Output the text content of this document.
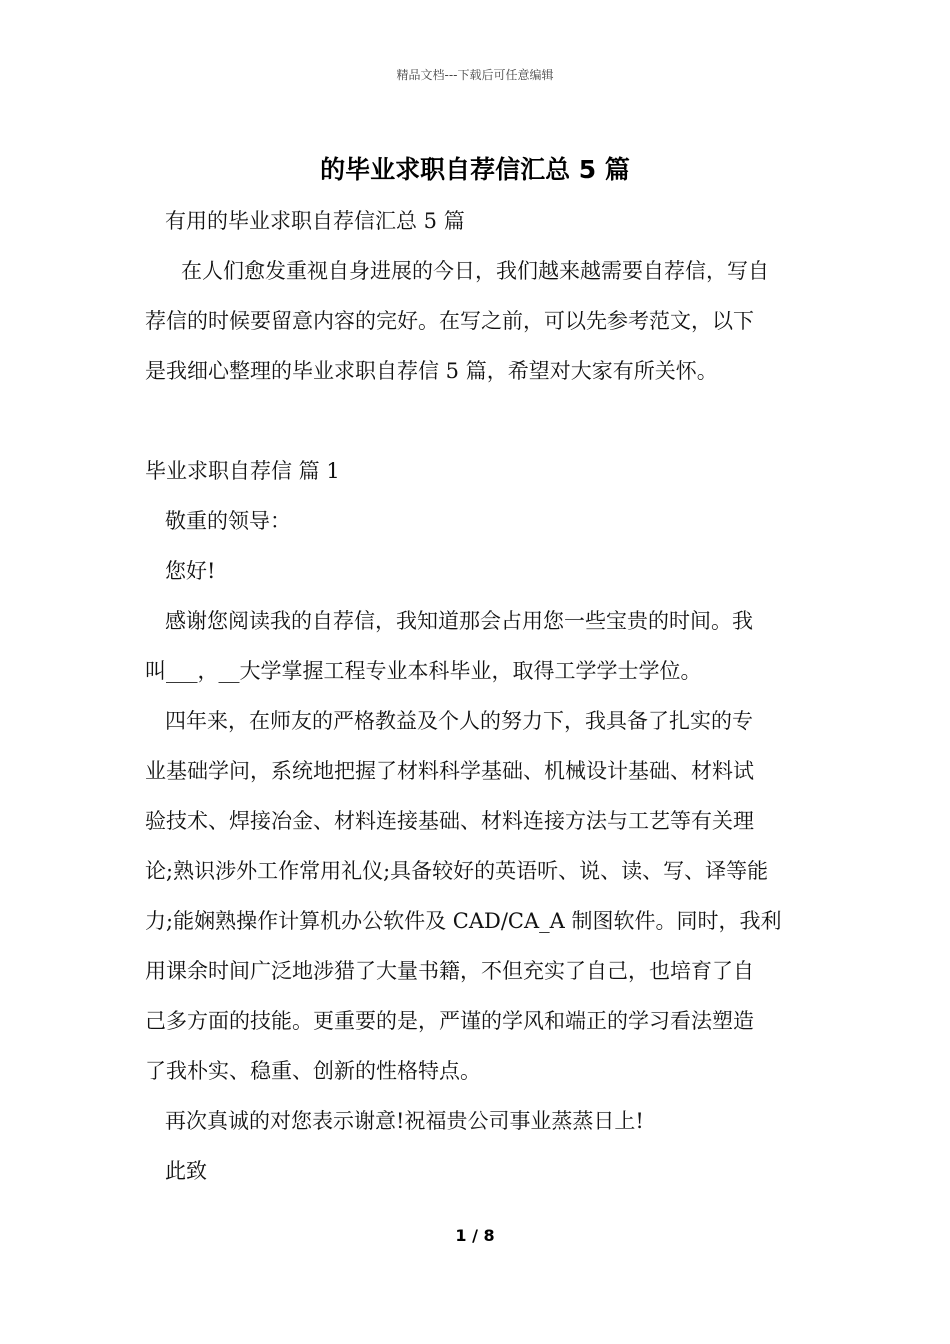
精品文档---下载后可任意编辑
的毕业求职自荐信汇总 5 篇
有用的毕业求职自荐信汇总 5 篇
在人们愈发重视自身进展的今日，我们越来越需要自荐信，写自
荐信的时候要留意内容的完好。在写之前，可以先参考范文，以下
是我细心整理的毕业求职自荐信 5 篇，希望对大家有所关怀。
毕业求职自荐信 篇 1
敬重的领导：
您好!
感谢您阅读我的自荐信，我知道那会占用您一些宝贵的时间。我
叫___，__大学掌握工程专业本科毕业，取得工学学士学位。
四年来，在师友的严格教益及个人的努力下，我具备了扎实的专
业基础学问，系统地把握了材料科学基础、机械设计基础、材料试
验技术、焊接冶金、材料连接基础、材料连接方法与工艺等有关理
论;熟识涉外工作常用礼仪;具备较好的英语听、说、读、写、译等能
力;能娴熟操作计算机办公软件及 CAD/CA_A 制图软件。同时，我利
用课余时间广泛地涉猎了大量书籍，不但充实了自己，也培育了自
己多方面的技能。更重要的是，严谨的学风和端正的学习看法塑造
了我朴实、稳重、创新的性格特点。
再次真诚的对您表示谢意!祝福贵公司事业蒸蒸日上!
此致
1 / 8
